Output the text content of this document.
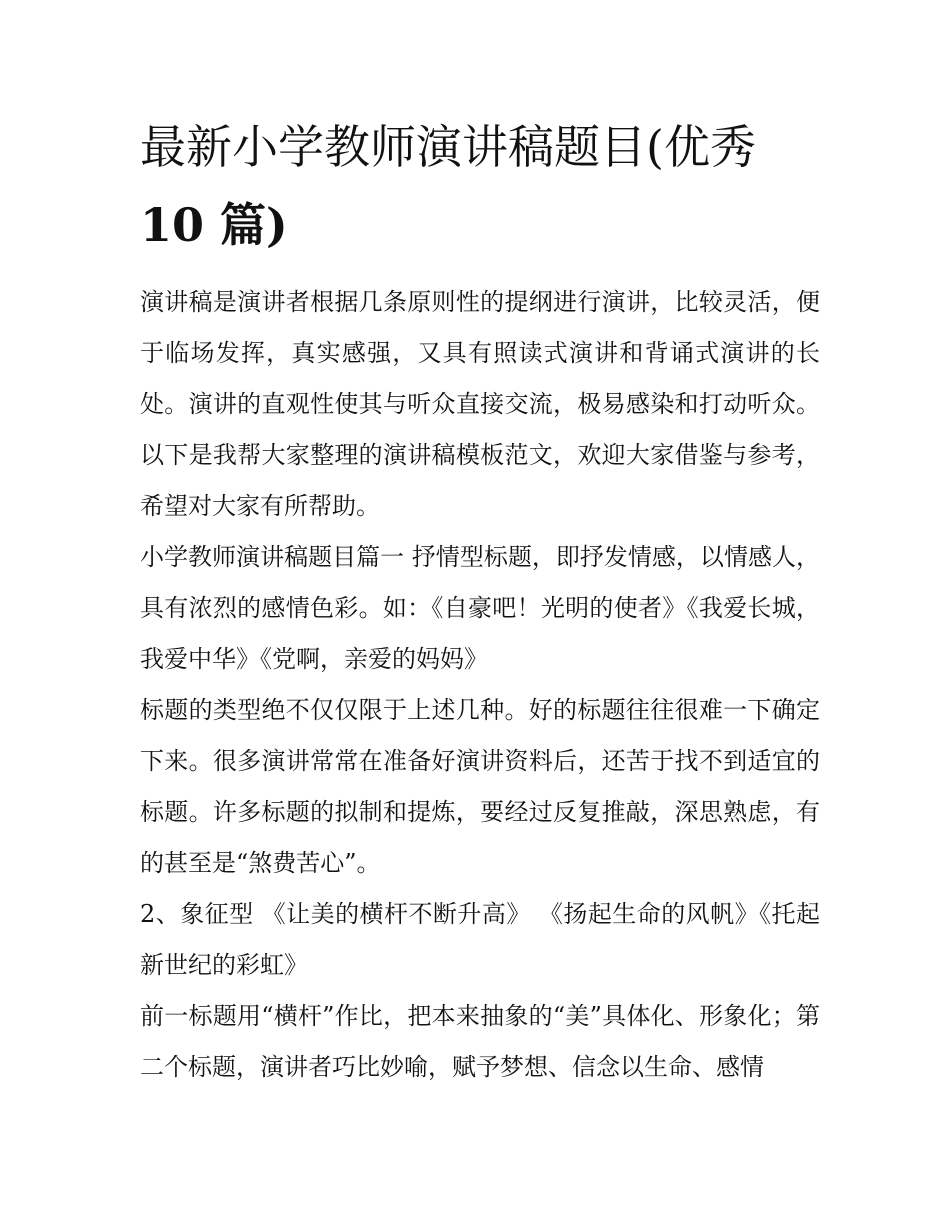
最新小学教师演讲稿题目(优秀
10 篇)

演讲稿是演讲者根据几条原则性的提纲进行演讲，比较灵活，便于临场发挥，真实感强，又具有照读式演讲和背诵式演讲的长处。演讲的直观性使其与听众直接交流，极易感染和打动听众。以下是我帮大家整理的演讲稿模板范文，欢迎大家借鉴与参考，希望对大家有所帮助。

小学教师演讲稿题目篇一 抒情型标题，即抒发情感，以情感人，具有浓烈的感情色彩。如：《自豪吧！光明的使者》《我爱长城，我爱中华》《党啊，亲爱的妈妈》

标题的类型绝不仅仅限于上述几种。好的标题往往很难一下确定下来。很多演讲常常在准备好演讲资料后，还苦于找不到适宜的标题。许多标题的拟制和提炼，要经过反复推敲，深思熟虑，有的甚至是“煞费苦心”。

2、象征型 《让美的横杆不断升高》 《扬起生命的风帆》《托起新世纪的彩虹》

前一标题用“横杆”作比，把本来抽象的“美”具体化、形象化；第二个标题，演讲者巧比妙喻，赋予梦想、信念以生命、感情
